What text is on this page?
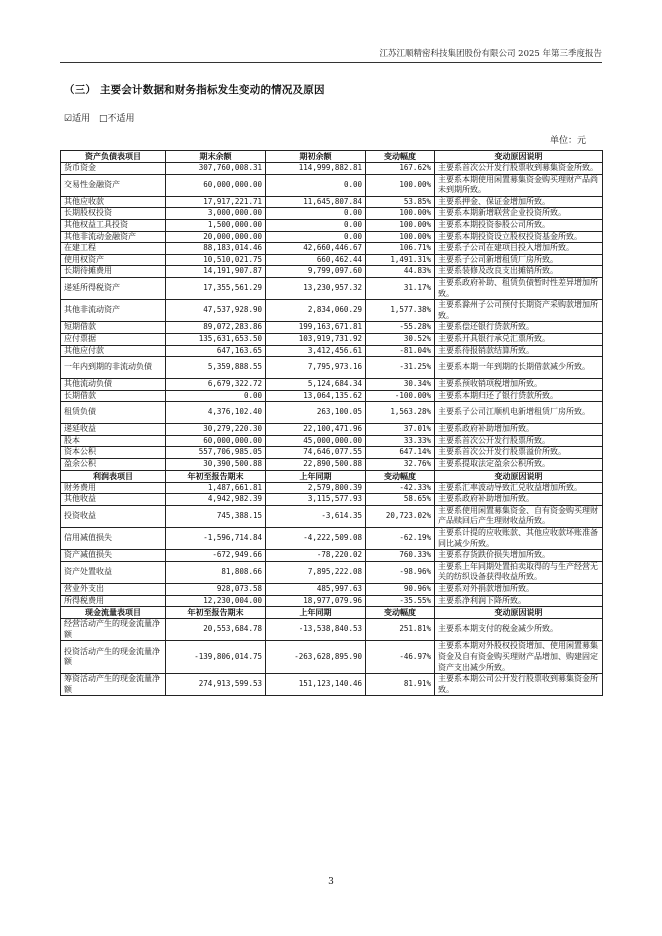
江苏江顺精密科技集团股份有限公司 2025 年第三季度报告
（三） 主要会计数据和财务指标发生变动的情况及原因
☑适用 □不适用
单位：元
资产负债表项目	期末余额	期初余额	变动幅度	变动原因说明
货币资金	307,760,008.31	114,999,882.81	167.62%	主要系首次公开发行股票收到募集资金所致。
交易性金融资产	60,000,000.00	0.00	100.00%	主要系本期使用闲置募集资金购买理财产品尚未到期所致。
其他应收款	17,917,221.71	11,645,807.84	53.85%	主要系押金、保证金增加所致。
长期股权投资	3,000,000.00	0.00	100.00%	主要系本期新增联营企业投资所致。
其他权益工具投资	1,500,000.00	0.00	100.00%	主要系本期投资参股公司所致。
其他非流动金融资产	20,000,000.00	0.00	100.00%	主要系本期投资设立股权投资基金所致。
在建工程	88,183,014.46	42,660,446.67	106.71%	主要系子公司在建项目投入增加所致。
使用权资产	10,510,021.75	660,462.44	1,491.31%	主要系子公司新增租赁厂房所致。
长期待摊费用	14,191,907.87	9,799,097.60	44.83%	主要系装修及改良支出摊销所致。
递延所得税资产	17,355,561.29	13,230,957.32	31.17%	主要系政府补助、租赁负债暂时性差异增加所致。
其他非流动资产	47,537,928.90	2,834,060.29	1,577.38%	主要系滁州子公司预付长期资产采购款增加所致。
短期借款	89,072,283.86	199,163,671.81	-55.28%	主要系偿还银行贷款所致。
应付票据	135,631,653.50	103,919,731.92	30.52%	主要系开具银行承兑汇票所致。
其他应付款	647,163.65	3,412,456.61	-81.04%	主要系待报销款结算所致。
一年内到期的非流动负债	5,359,888.55	7,795,973.16	-31.25%	主要系本期一年到期的长期借款减少所致。
其他流动负债	6,679,322.72	5,124,684.34	30.34%	主要系预收销项税增加所致。
长期借款	0.00	13,064,135.62	-100.00%	主要系本期归还了银行贷款所致。
租赁负债	4,376,102.40	263,100.05	1,563.28%	主要系子公司江顺机电新增租赁厂房所致。
递延收益	30,279,220.30	22,100,471.96	37.01%	主要系政府补助增加所致。
股本	60,000,000.00	45,000,000.00	33.33%	主要系首次公开发行股票所致。
资本公积	557,706,985.05	74,646,077.55	647.14%	主要系首次公开发行股票溢价所致。
盈余公积	30,390,500.88	22,890,500.88	32.76%	主要系提取法定盈余公积所致。
利润表项目	年初至报告期末	上年同期	变动幅度	变动原因说明
财务费用	1,487,661.81	2,579,800.39	-42.33%	主要系汇率波动导致汇兑收益增加所致。
其他收益	4,942,982.39	3,115,577.93	58.65%	主要系政府补助增加所致。
投资收益	745,388.15	-3,614.35	20,723.02%	主要系使用闲置募集资金、自有资金购买理财产品赎回后产生理财收益所致。
信用减值损失	-1,596,714.84	-4,222,509.08	-62.19%	主要系计提的应收账款、其他应收款坏账准备同比减少所致。
资产减值损失	-672,949.66	-78,220.02	760.33%	主要系存货跌价损失增加所致。
资产处置收益	81,808.66	7,895,222.08	-98.96%	主要系上年同期处置拍卖取得的与生产经营无关的纺织设备获得收益所致。
营业外支出	928,073.58	485,997.63	90.96%	主要系对外捐款增加所致。
所得税费用	12,230,004.00	18,977,079.96	-35.55%	主要系净利润下降所致。
现金流量表项目	年初至报告期末	上年同期	变动幅度	变动原因说明
经营活动产生的现金流量净额	20,553,684.78	-13,538,840.53	251.81%	主要系本期支付的税金减少所致。
投资活动产生的现金流量净额	-139,806,014.75	-263,628,895.90	-46.97%	主要系本期对外股权投资增加、使用闲置募集资金及自有资金购买理财产品增加、购建固定资产支出减少所致。
筹资活动产生的现金流量净额	274,913,599.53	151,123,140.46	81.91%	主要系本期公司公开发行股票收到募集资金所致。
3
